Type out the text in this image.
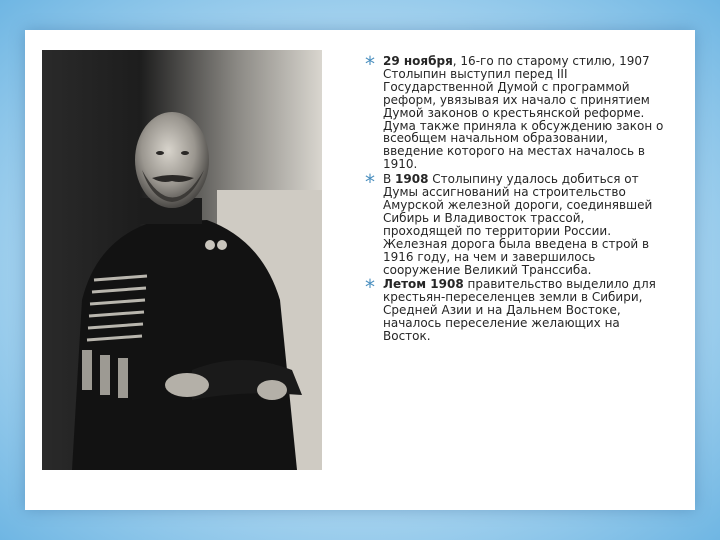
* 29 ноября, 16-го по старому стилю, 1907 Столыпин выступил перед III Государственной Думой с программой реформ, увязывая их начало с принятием Думой законов о крестьянской реформе. Дума также приняла к обсуждению закон о всеобщем начальном образовании, введение которого на местах началось в 1910.
* В 1908 Столыпину удалось добиться от Думы ассигнований на строительство Амурской железной дороги, соединявшей Сибирь и Владивосток трассой, проходящей по территории России. Железная дорога была введена в строй в 1916 году, на чем и завершилось сооружение Великий Транссиба.
* Летом 1908 правительство выделило для крестьян-переселенцев земли в Сибири, Средней Азии и на Дальнем Востоке, началось переселение желающих на Восток.
